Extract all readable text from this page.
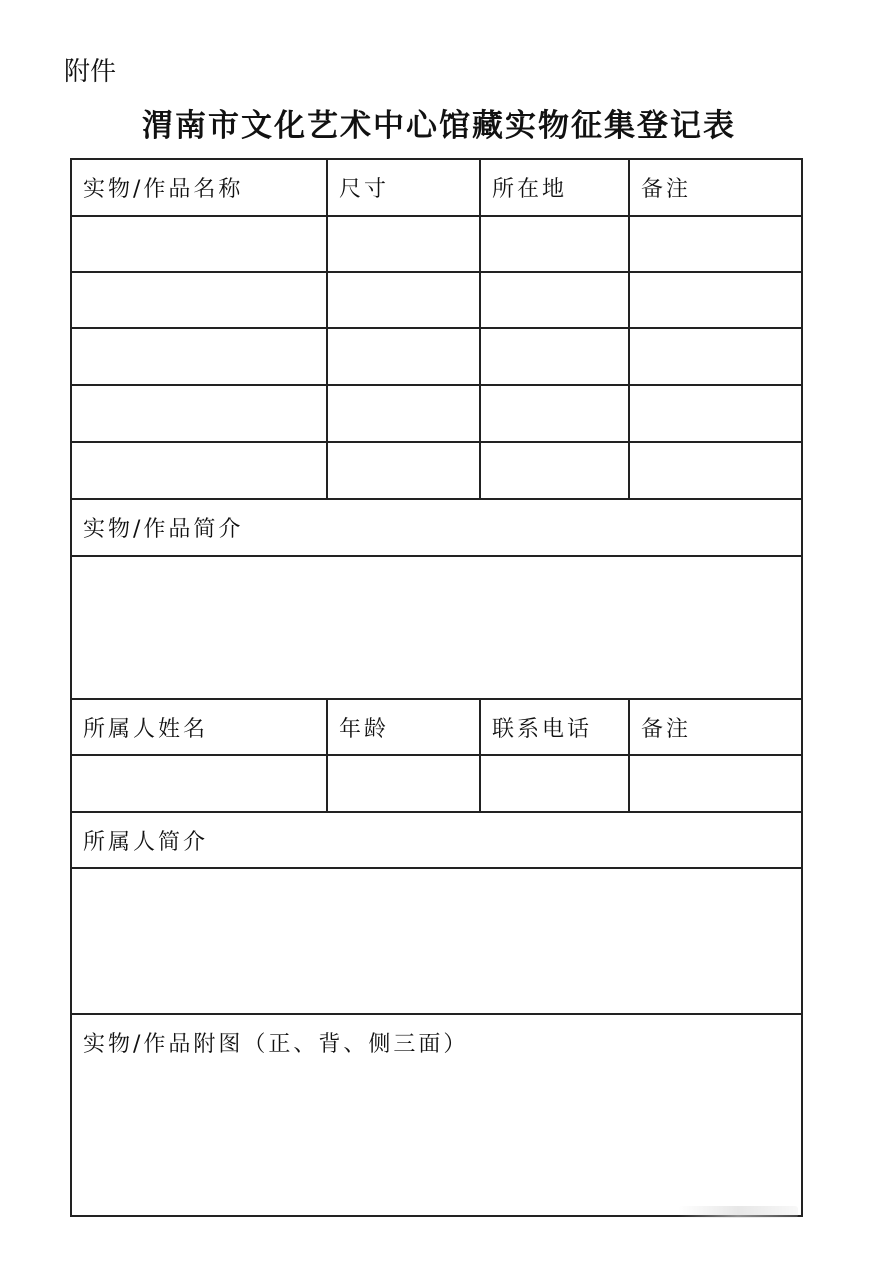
附件
渭南市文化艺术中心馆藏实物征集登记表
实物/作品名称	尺寸	所在地	备注

实物/作品简介			

所属人姓名	年龄	联系电话	备注

所属人简介			

实物/作品附图（正、背、侧三面）			
